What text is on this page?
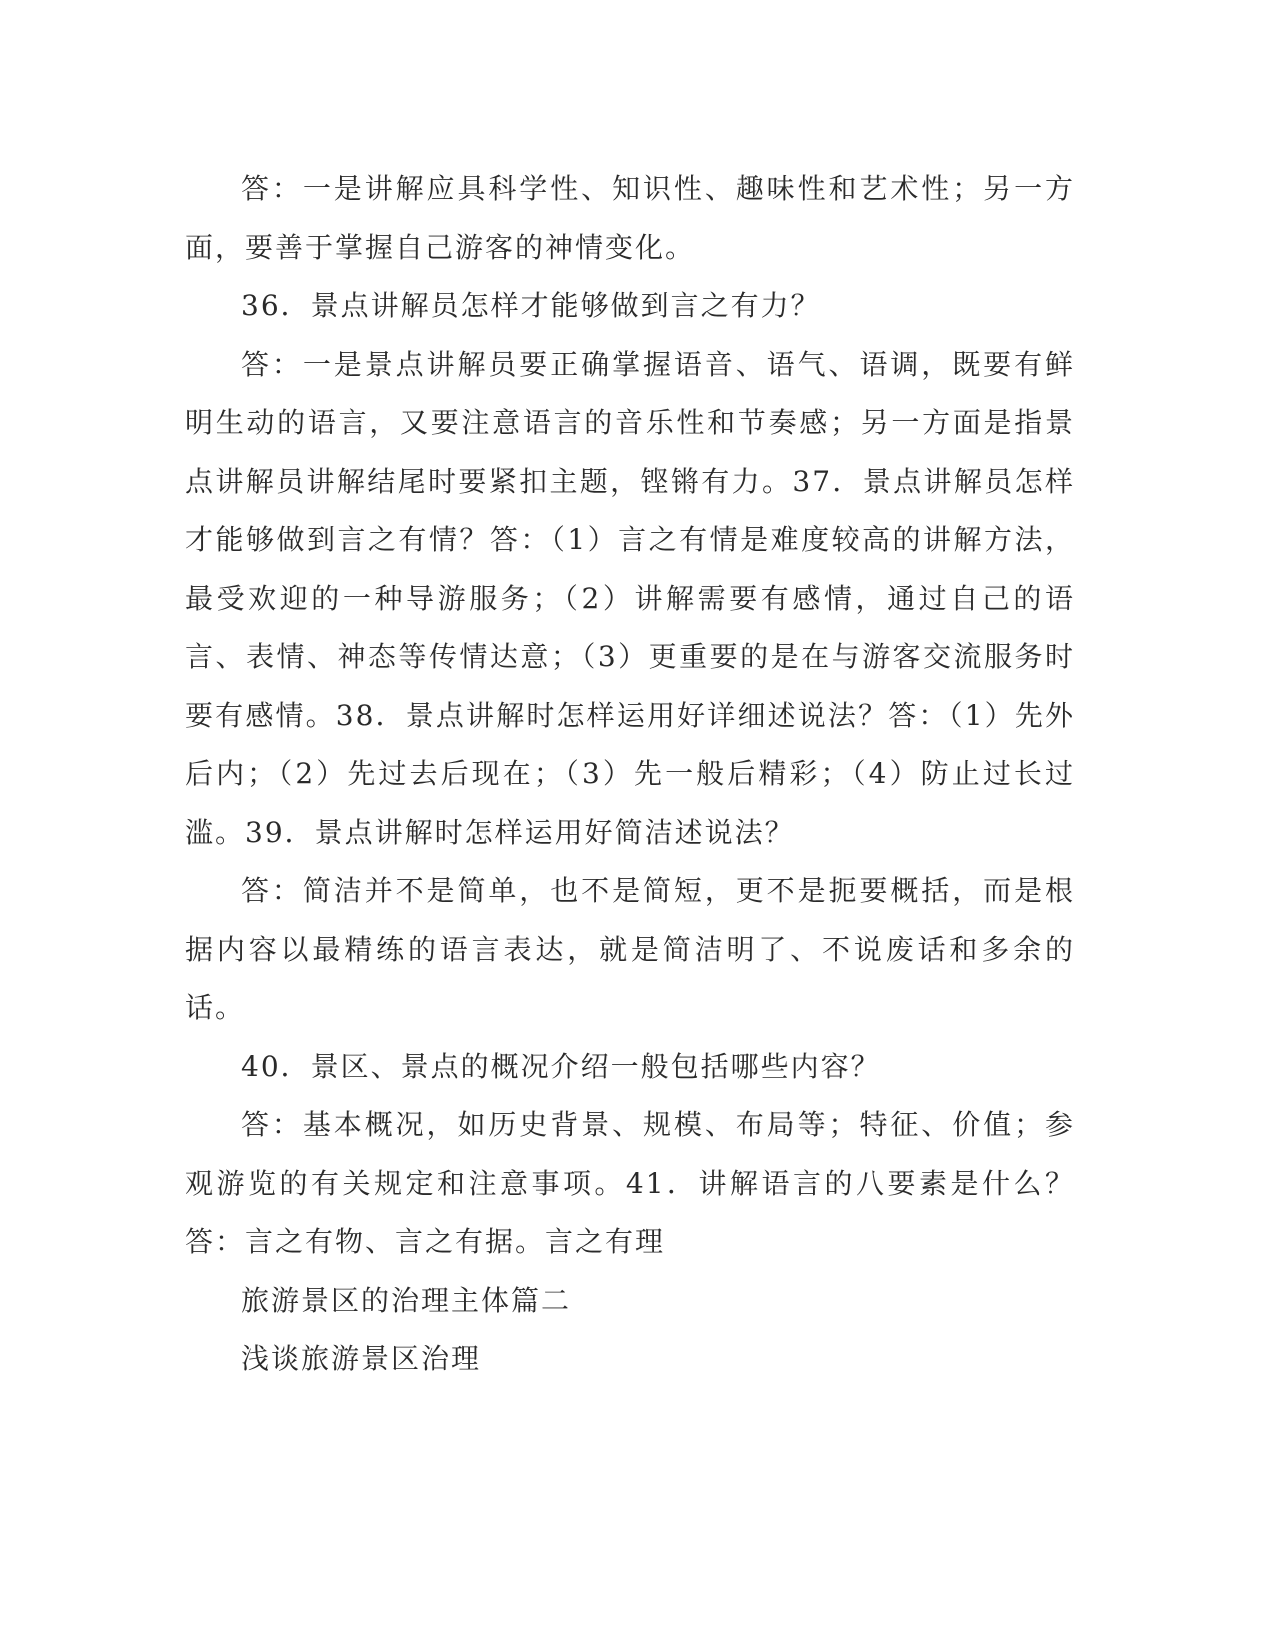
答：一是讲解应具科学性、知识性、趣味性和艺术性；另一方面，要善于掌握自己游客的神情变化。

36．景点讲解员怎样才能够做到言之有力？

答：一是景点讲解员要正确掌握语音、语气、语调，既要有鲜明生动的语言，又要注意语言的音乐性和节奏感；另一方面是指景点讲解员讲解结尾时要紧扣主题，铿锵有力。37．景点讲解员怎样才能够做到言之有情？答：（1）言之有情是难度较高的讲解方法，最受欢迎的一种导游服务；（2）讲解需要有感情，通过自己的语言、表情、神态等传情达意；（3）更重要的是在与游客交流服务时要有感情。38．景点讲解时怎样运用好详细述说法？答：（1）先外后内；（2）先过去后现在；（3）先一般后精彩；（4）防止过长过滥。39．景点讲解时怎样运用好简洁述说法？

答：简洁并不是简单，也不是简短，更不是扼要概括，而是根据内容以最精练的语言表达，就是简洁明了、不说废话和多余的话。

40．景区、景点的概况介绍一般包括哪些内容？

答：基本概况，如历史背景、规模、布局等；特征、价值；参观游览的有关规定和注意事项。41．讲解语言的八要素是什么？答：言之有物、言之有据。言之有理

旅游景区的治理主体篇二

浅谈旅游景区治理
